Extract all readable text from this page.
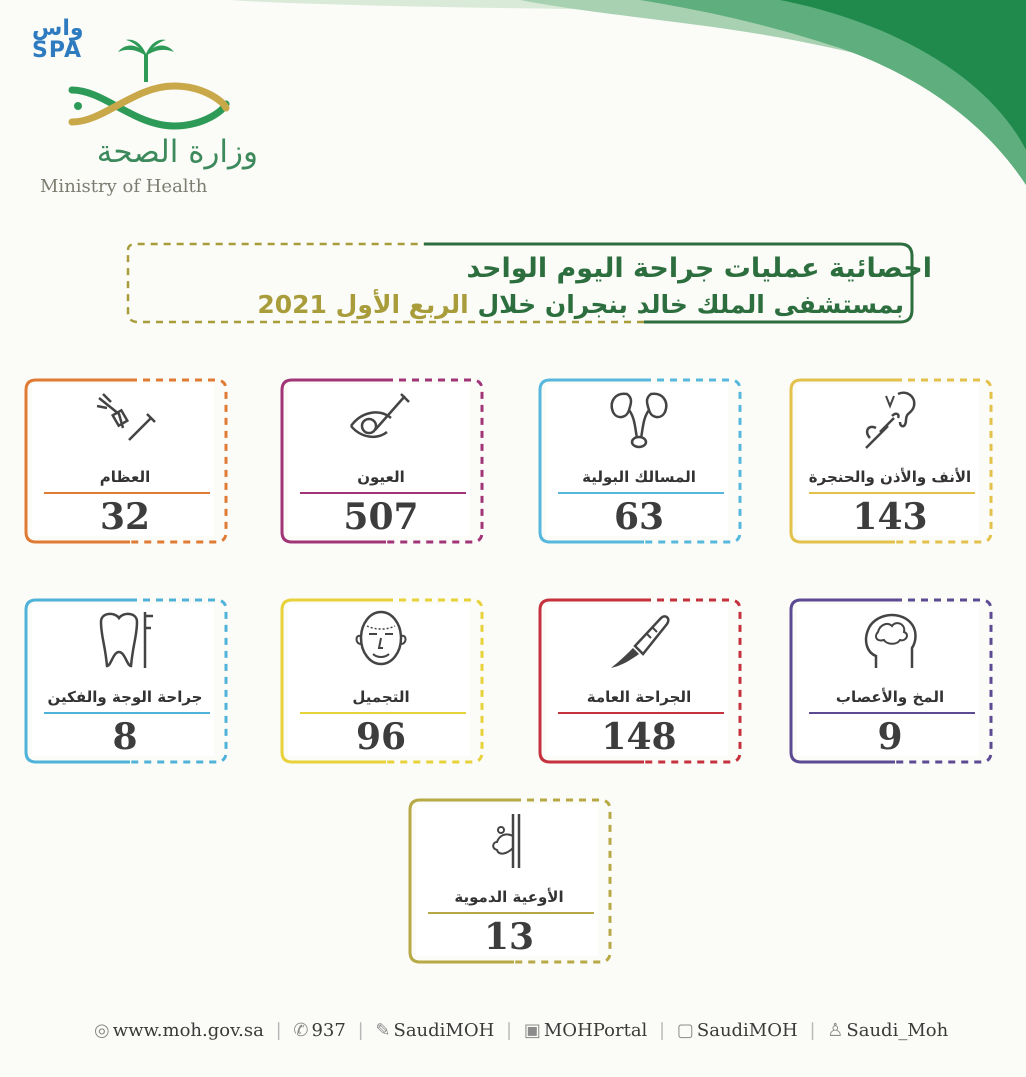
واس
SPA
وزارة الصحة
Ministry of Health
احصائية عمليات جراحة اليوم الواحد
بمستشفى الملك خالد بنجران خلال الربع الأول 2021
الأنف والأذن والحنجرة
143
المسالك البولية
63
العيون
507
العظام
32
المخ والأعصاب
9
الجراحة العامة
148
التجميل
96
جراحة الوجة والفكين
8
الأوعية الدموية
13
◎ www.moh.gov.sa | ✆ 937 | ✎ SaudiMOH | ▣ MOHPortal | ▢ SaudiMOH | ♙ Saudi_Moh
